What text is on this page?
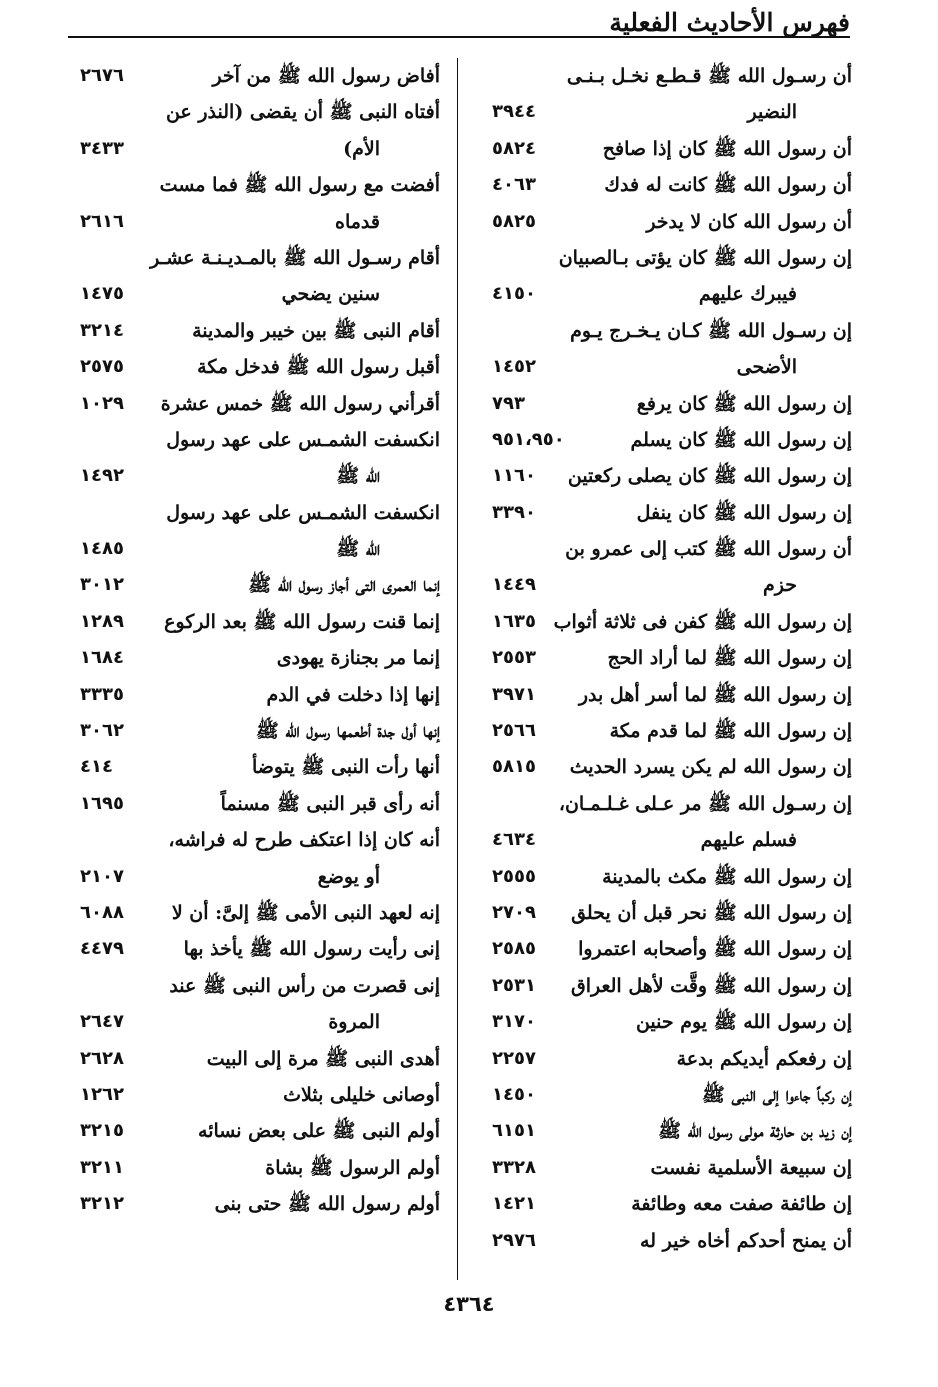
فهرس الأحاديث الفعلية
أن رسـول الله ﷺ قـطـع نخـل بـنـى
النضير
٣٩٤٤
أن رسول الله ﷺ كان إذا صافح
٥٨٢٤
أن رسول الله ﷺ كانت له فدك
٤٠٦٣
أن رسول الله كان لا يدخر
٥٨٢٥
إن رسول الله ﷺ كان يؤتى بـالصبيان
فيبرك عليهم
٤١٥٠
إن رسـول الله ﷺ كـان يـخـرج يـوم
الأضحى
١٤٥٢
إن رسول الله ﷺ كان يرفع
٧٩٣
إن رسول الله ﷺ كان يسلم
٩٥١،٩٥٠
إن رسول الله ﷺ كان يصلى ركعتين
١١٦٠
إن رسول الله ﷺ كان ينفل
٣٣٩٠
أن رسول الله ﷺ كتب إلى عمرو بن
حزم
١٤٤٩
إن رسول الله ﷺ كفن فى ثلاثة أثواب
١٦٣٥
إن رسول الله ﷺ لما أراد الحج
٢٥٥٣
إن رسول الله ﷺ لما أسر أهل بدر
٣٩٧١
إن رسول الله ﷺ لما قدم مكة
٢٥٦٦
إن رسول الله لم يكن يسرد الحديث
٥٨١٥
إن رسـول الله ﷺ مر عـلى غـلـمـان،
فسلم عليهم
٤٦٣٤
إن رسول الله ﷺ مكث بالمدينة
٢٥٥٥
إن رسول الله ﷺ نحر قبل أن يحلق
٢٧٠٩
إن رسول الله ﷺ وأصحابه اعتمروا
٢٥٨٥
إن رسول الله ﷺ وقَّت لأهل العراق
٢٥٣١
إن رسول الله ﷺ يوم حنين
٣١٧٠
إن رفعكم أيديكم بدعة
٢٢٥٧
إن ركباً جاءوا إلى النبى ﷺ
١٤٥٠
إن زيد بن حارثة مولى رسول الله ﷺ
٦١٥١
إن سبيعة الأسلمية نفست
٣٣٢٨
إن طائفة صفت معه وطائفة
١٤٢١
أن يمنح أحدكم أخاه خير له
٢٩٧٦
أفاض رسول الله ﷺ من آخر
٢٦٧٦
أفتاه النبى ﷺ أن يقضى (النذر عن
الأم)
٣٤٣٣
أفضت مع رسول الله ﷺ فما مست
قدماه
٢٦١٦
أقام رسـول الله ﷺ بالمـديـنـة عشـر
سنين يضحي
١٤٧٥
أقام النبى ﷺ بين خيبر والمدينة
٣٢١٤
أقبل رسول الله ﷺ فدخل مكة
٢٥٧٥
أقرأني رسول الله ﷺ خمس عشرة
١٠٢٩
انكسفت الشمـس على عهد رسول
الله ﷺ
١٤٩٢
انكسفت الشمـس على عهد رسول
الله ﷺ
١٤٨٥
إنما العمرى التى أجاز رسول الله ﷺ
٣٠١٢
إنما قنت رسول الله ﷺ بعد الركوع
١٢٨٩
إنما مر بجنازة يهودى
١٦٨٤
إنها إذا دخلت في الدم
٣٣٣٥
إنها أول جدة أطعمها رسول الله ﷺ
٣٠٦٢
أنها رأت النبى ﷺ يتوضأ
٤١٤
أنه رأى قبر النبى ﷺ مسنماً
١٦٩٥
أنه كان إذا اعتكف طرح له فراشه،
أو يوضع
٢١٠٧
إنه لعهد النبى الأمى ﷺ إلىَّ: أن لا
٦٠٨٨
إنى رأيت رسول الله ﷺ يأخذ بها
٤٤٧٩
إنى قصرت من رأس النبى ﷺ عند
المروة
٢٦٤٧
أهدى النبى ﷺ مرة إلى البيت
٢٦٢٨
أوصانى خليلى بثلاث
١٢٦٢
أولم النبى ﷺ على بعض نسائه
٣٢١٥
أولم الرسول ﷺ بشاة
٣٢١١
أولم رسول الله ﷺ حتى بنى
٣٢١٢
٤٣٦٤
